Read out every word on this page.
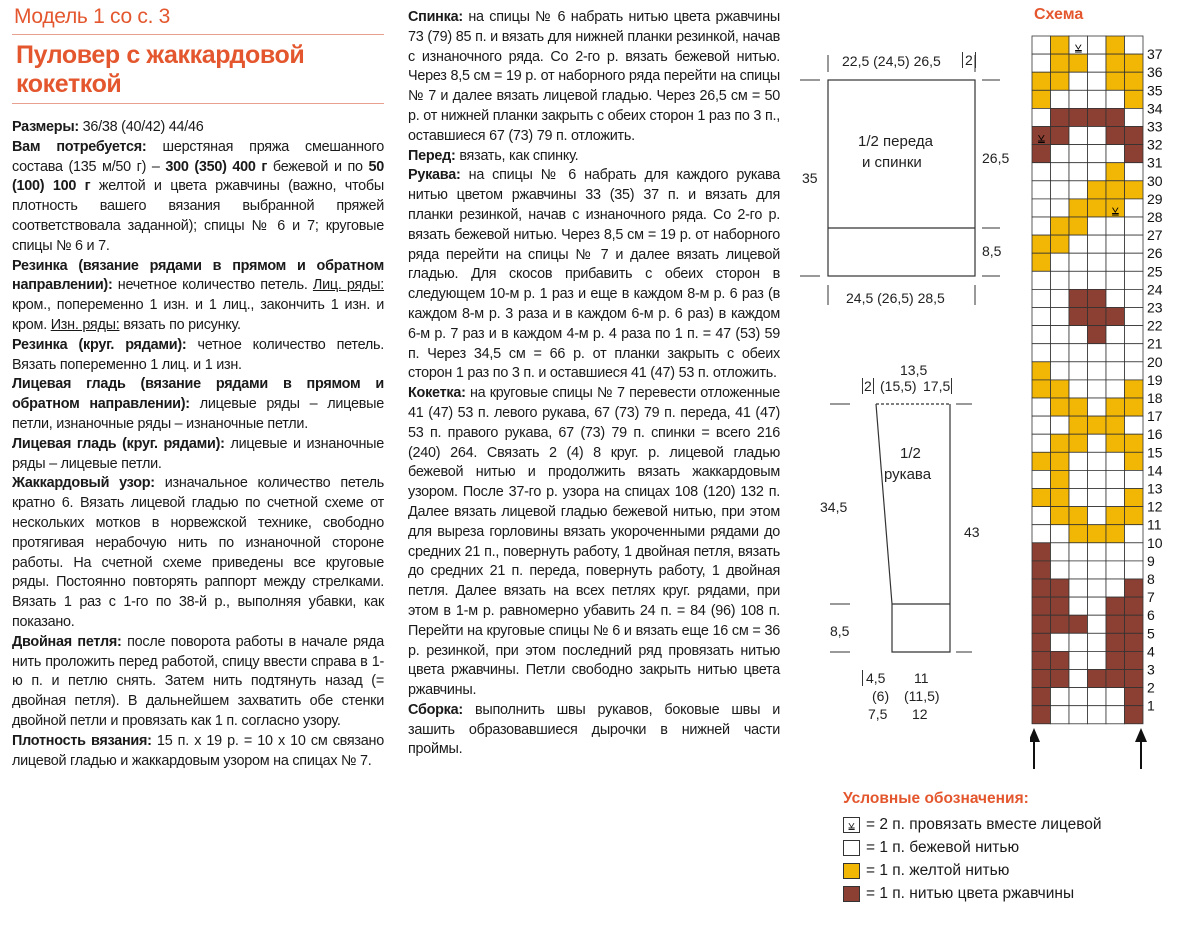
Модель 1 со с. 3
Пуловер с жаккардовой кокеткой
Размеры: 36/38 (40/42) 44/46
Вам потребуется: шерстяная пряжа смешанного состава (135 м/50 г) – 300 (350) 400 г бежевой и по 50 (100) 100 г желтой и цвета ржавчины (важно, чтобы плотность вашего вязания выбранной пряжей соответствовала заданной); спицы № 6 и 7; круговые спицы № 6 и 7.
Резинка (вязание рядами в прямом и обратном направлении): нечетное количество петель. Лиц. ряды: кром., попеременно 1 изн. и 1 лиц., закончить 1 изн. и кром. Изн. ряды: вязать по рисунку.
Резинка (круг. рядами): четное количество петель. Вязать попеременно 1 лиц. и 1 изн.
Лицевая гладь (вязание рядами в прямом и обратном направлении): лицевые ряды – лицевые петли, изнаночные ряды – изнаночные петли.
Лицевая гладь (круг. рядами): лицевые и изнаночные ряды – лицевые петли.
Жаккардовый узор: изначальное количество петель кратно 6. Вязать лицевой гладью по счетной схеме от нескольких мотков в норвежской технике, свободно протягивая нерабочую нить по изнаночной стороне работы. На счетной схеме приведены все круговые ряды. Постоянно повторять раппорт между стрелками. Вязать 1 раз с 1-го по 38-й р., выполняя убавки, как показано.
Двойная петля: после поворота работы в начале ряда нить проложить перед работой, спицу ввести справа в 1-ю п. и петлю снять. Затем нить подтянуть назад (= двойная петля). В дальнейшем захватить обе стенки двойной петли и провязать как 1 п. согласно узору.
Плотность вязания: 15 п. х 19 р. = 10 х 10 см связано лицевой гладью и жаккардовым узором на спицах № 7.
Спинка: на спицы № 6 набрать нитью цвета ржавчины 73 (79) 85 п. и вязать для нижней планки резинкой, начав с изнаночного ряда. Со 2-го р. вязать бежевой нитью. Через 8,5 см = 19 р. от наборного ряда перейти на спицы № 7 и далее вязать лицевой гладью. Через 26,5 см = 50 р. от нижней планки закрыть с обеих сторон 1 раз по 3 п., оставшиеся 67 (73) 79 п. отложить.
Перед: вязать, как спинку.
Рукава: на спицы № 6 набрать для каждого рукава нитью цветом ржавчины 33 (35) 37 п. и вязать для планки резинкой, начав с изнаночного ряда. Со 2-го р. вязать бежевой нитью. Через 8,5 см = 19 р. от наборного ряда перейти на спицы № 7 и далее вязать лицевой гладью. Для скосов прибавить с обеих сторон в следующем 10-м р. 1 раз и еще в каждом 8-м р. 6 раз (в каждом 8-м р. 3 раза и в каждом 6-м р. 6 раз) в каждом 6-м р. 7 раз и в каждом 4-м р. 4 раза по 1 п. = 47 (53) 59 п. Через 34,5 см = 66 р. от планки закрыть с обеих сторон 1 раз по 3 п. и оставшиеся 41 (47) 53 п. отложить.
Кокетка: на круговые спицы № 7 перевести отложенные 41 (47) 53 п. левого рукава, 67 (73) 79 п. переда, 41 (47) 53 п. правого рукава, 67 (73) 79 п. спинки = всего 216 (240) 264. Связать 2 (4) 8 круг. р. лицевой гладью бежевой нитью и продолжить вязать жаккардовым узором. После 37-го р. узора на спицах 108 (120) 132 п. Далее вязать лицевой гладью бежевой нитью, при этом для выреза горловины вязать укороченными рядами до средних 21 п., повернуть работу, 1 двойная петля, вязать до средних 21 п. переда, повернуть работу, 1 двойная петля. Далее вязать на всех петлях круг. рядами, при этом в 1-м р. равномерно убавить 24 п. = 84 (96) 108 п. Перейти на круговые спицы № 6 и вязать еще 16 см = 36 р. резинкой, при этом последний ряд провязать нитью цвета ржавчины. Петли свободно закрыть нитью цвета ржавчины.
Сборка: выполнить швы рукавов, боковые швы и зашить образовавшиеся дырочки в нижней части проймы.
22,5 (24,5) 26,5 2
1/2 переда
и спинки
35
26,5
8,5
24,5 (26,5) 28,5
13,5
2 (15,5) 17,5
1/2
рукава
34,5
43
8,5
4,5
(6)
7,5
11
(11,5)
12
Схема
⩣
⩣
⩣
37
36
35
34
33
32
31
30
29
28
27
26
25
24
23
22
21
20
19
18
17
16
15
14
13
12
11
10
9
8
7
6
5
4
3
2
1
Условные обозначения:
⩣ = 2 п. провязать вместе лицевой
= 1 п. бежевой нитью
= 1 п. желтой нитью
= 1 п. нитью цвета ржавчины
